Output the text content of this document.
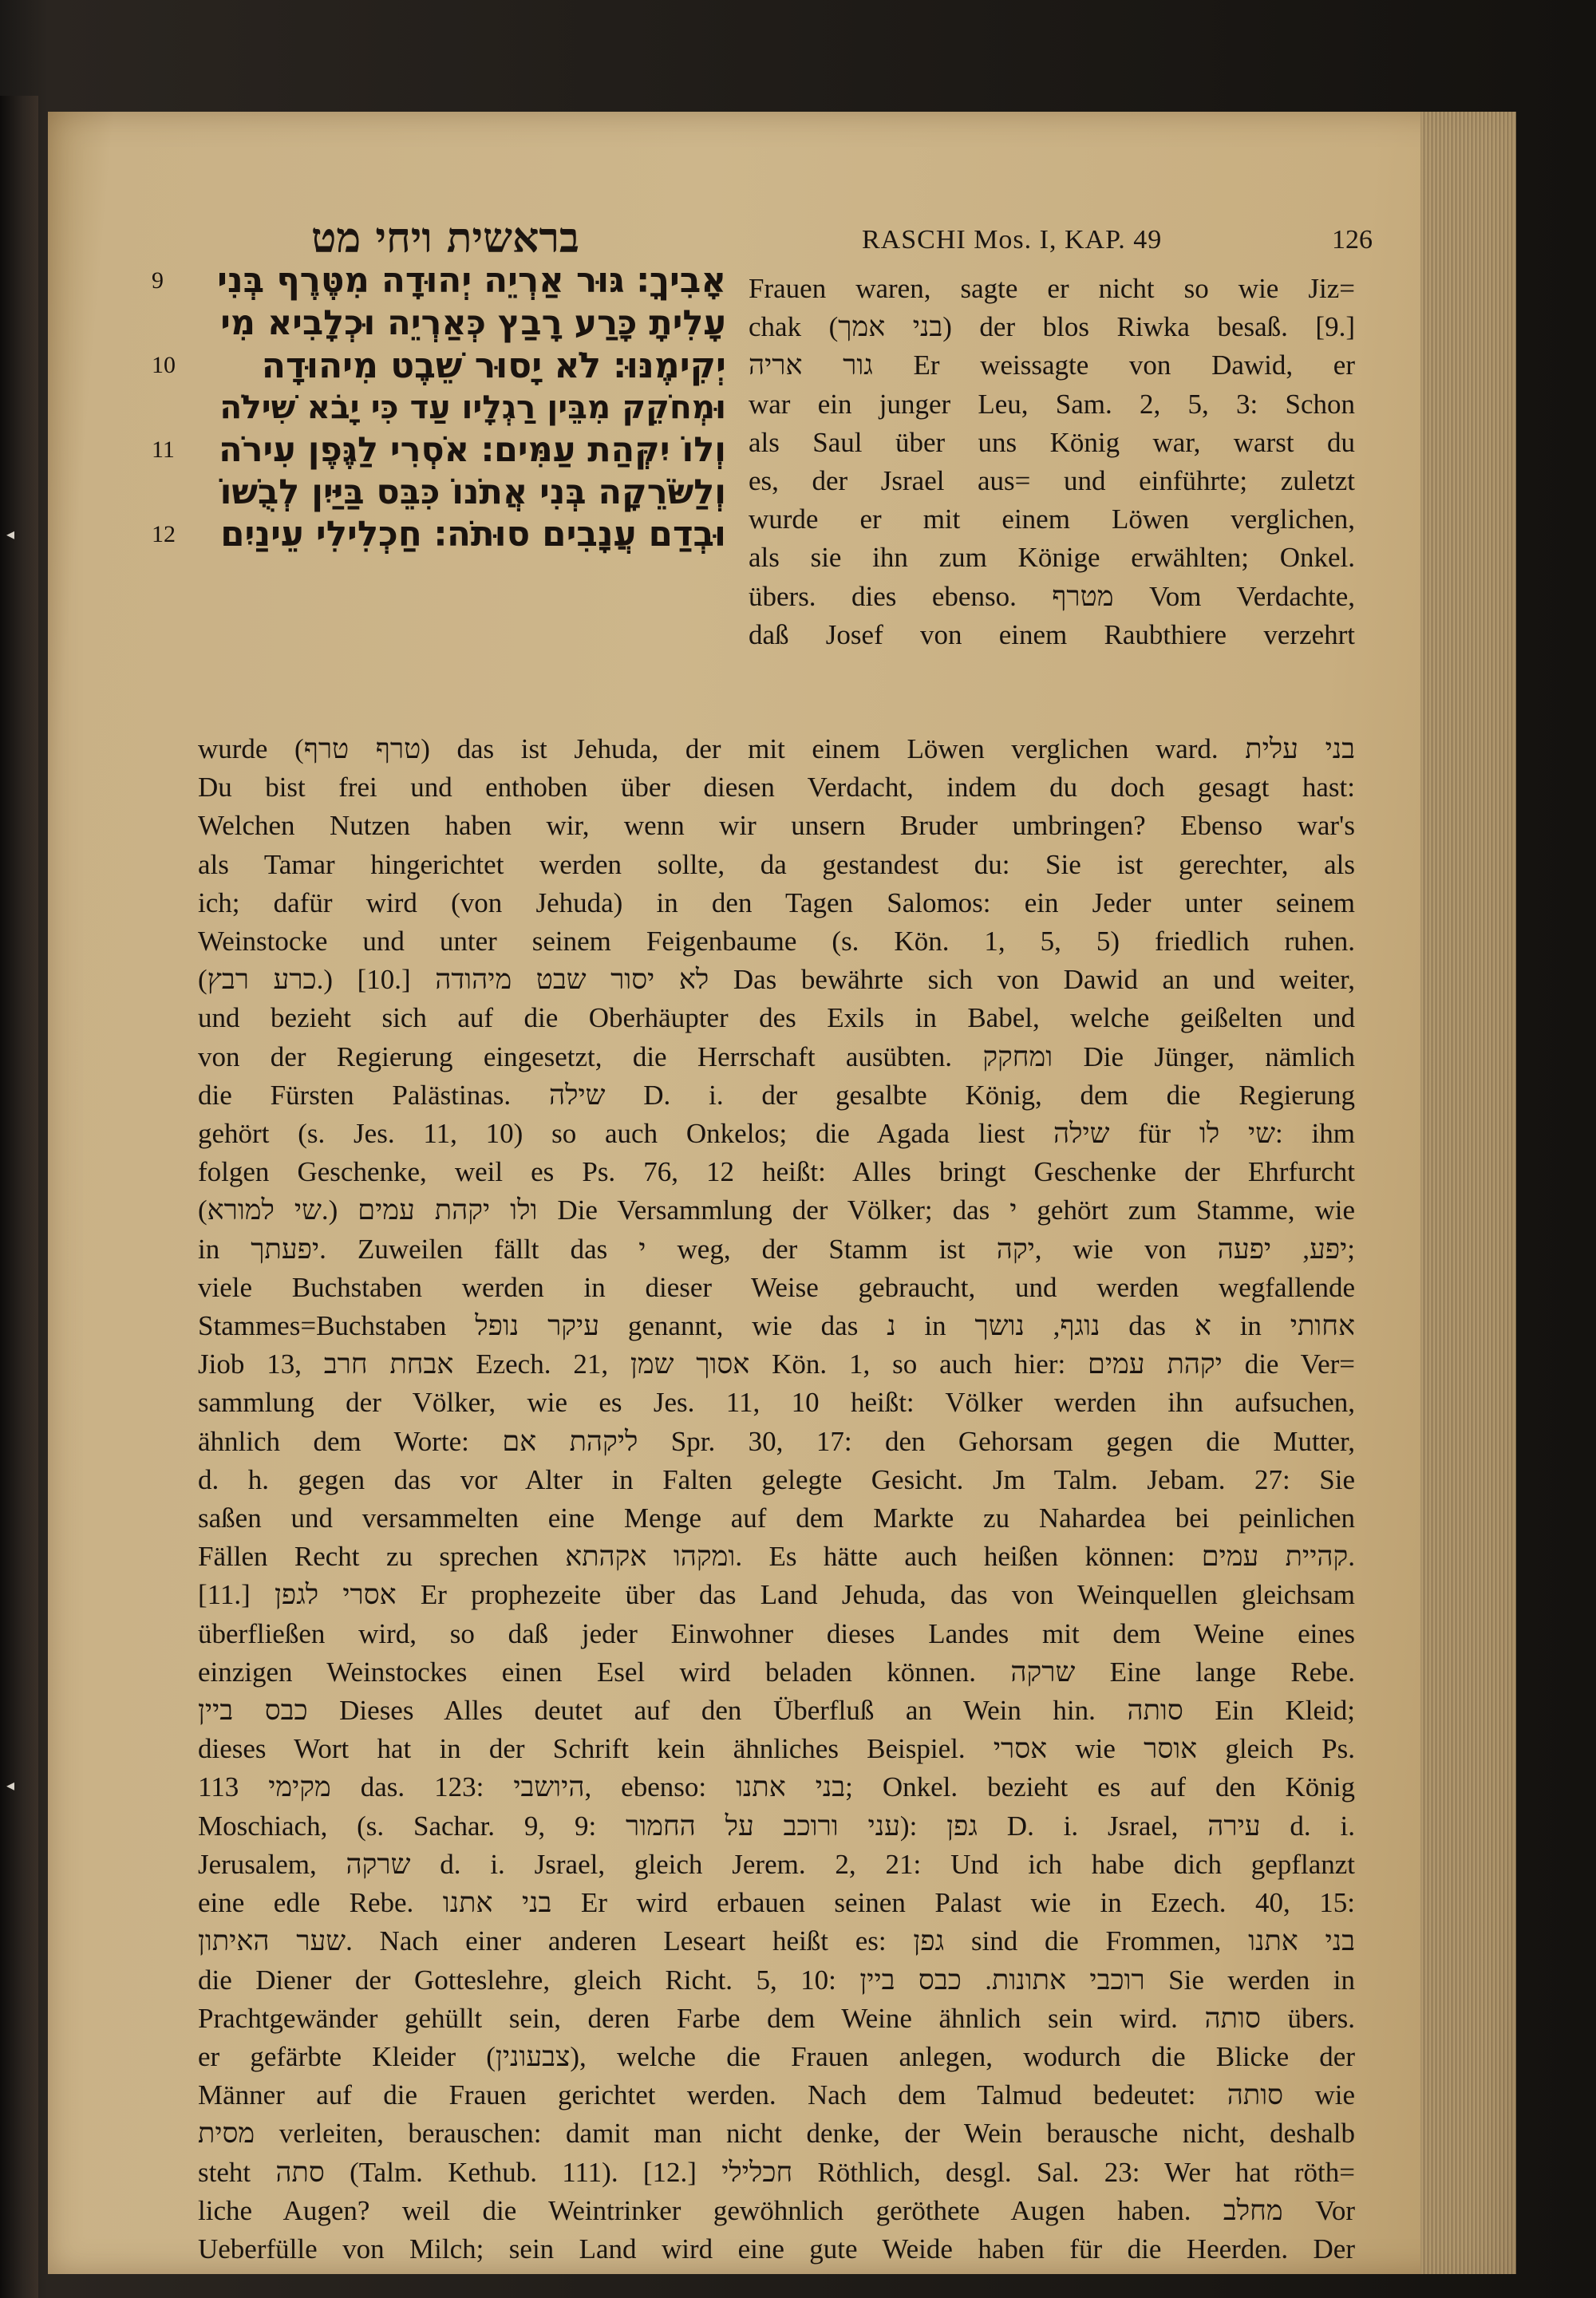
◂
◂
בראשית ויחי מט	RASCHI Mos. I, KAP. 49	126
9	אָבִיךָ׃ גּוּר אַרְיֵה יְהוּדָה מִטֶּרֶף בְּנִי
עָלִיתָ כָּרַע רָבַץ כְּאַרְיֵה וּכְלָבִיא מִי
10	יְקִימֶנּוּ׃ לֹא יָסוּר שֵׁבֶט מִיהוּדָה
וּמְחֹקֵק מִבֵּין רַגְלָיו עַד כִּי יָבֹא שִׁילֹה
11	וְלוֹ יִקְּהַת עַמִּים׃ אֹסְרִי לַגֶּפֶן עִירֹה
וְלַשֹּׂרֵקָה בְּנִי אֲתֹנוֹ כִּבֵּס בַּיַּיִן לְבֻשׁוֹ
12	וּבְדַם עֲנָבִים סוּתֹה׃ חַכְלִילִי עֵינַיִם
Frauen waren, sagte er nicht so wie Jiz=
chak (בני אמך) der blos Riwka besaß. [9.]
גור אריה Er weissagte von Dawid, er
war ein junger Leu, Sam. 2, 5, 3: Schon
als Saul über uns König war, warst du
es, der Jsrael aus= und einführte; zuletzt
wurde er mit einem Löwen verglichen,
als sie ihn zum Könige erwählten; Onkel.
übers. dies ebenso. מטרף Vom Verdachte,
daß Josef von einem Raubthiere verzehrt
wurde (טרף טרף) das ist Jehuda, der mit einem Löwen verglichen ward. בני עלית
Du bist frei und enthoben über diesen Verdacht, indem du doch gesagt hast:
Welchen Nutzen haben wir, wenn wir unsern Bruder umbringen? Ebenso war's
als Tamar hingerichtet werden sollte, da gestandest du: Sie ist gerechter, als
ich; dafür wird (von Jehuda) in den Tagen Salomos: ein Jeder unter seinem
Weinstocke und unter seinem Feigenbaume (s. Kön. 1, 5, 5) friedlich ruhen.
(כרע רבץ.) [10.] לא יסור שבט מיהודה Das bewährte sich von Dawid an und weiter,
und bezieht sich auf die Oberhäupter des Exils in Babel, welche geißelten und
von der Regierung eingesetzt, die Herrschaft ausübten. ומחקק Die Jünger, nämlich
die Fürsten Palästinas. שילה D. i. der gesalbte König, dem die Regierung
gehört (s. Jes. 11, 10) so auch Onkelos; die Agada liest שילה für שי לו: ihm
folgen Geschenke, weil es Ps. 76, 12 heißt: Alles bringt Geschenke der Ehrfurcht
(שי למורא.) ולו יקהת עמים Die Versammlung der Völker; das י gehört zum Stamme, wie
in יפעתך. Zuweilen fällt das י weg, der Stamm ist יקה, wie von יפע, יפעה;
viele Buchstaben werden in dieser Weise gebraucht, und werden wegfallende
Stammes=Buchstaben עיקר נופל genannt, wie das נ in נוגף, נושך das א in אחותי
Jiob 13, אבחת חרב Ezech. 21, אסוך שמן Kön. 1, so auch hier: יקהת עמים die Ver=
sammlung der Völker, wie es Jes. 11, 10 heißt: Völker werden ihn aufsuchen,
ähnlich dem Worte: ליקהת אם Spr. 30, 17: den Gehorsam gegen die Mutter,
d. h. gegen das vor Alter in Falten gelegte Gesicht. Jm Talm. Jebam. 27: Sie
saßen und versammelten eine Menge auf dem Markte zu Nahardea bei peinlichen
Fällen Recht zu sprechen ומקהו אקהתא. Es hätte auch heißen können: קהיית עמים.
[11.] אסרי לגפן Er prophezeite über das Land Jehuda, das von Weinquellen gleichsam
überfließen wird, so daß jeder Einwohner dieses Landes mit dem Weine eines
einzigen Weinstockes einen Esel wird beladen können. שרקה Eine lange Rebe.
כבס ביין Dieses Alles deutet auf den Überfluß an Wein hin. סותה Ein Kleid;
dieses Wort hat in der Schrift kein ähnliches Beispiel. אסרי wie אוסר gleich Ps.
113 מקימי das. 123: היושבי, ebenso: בני אתנו; Onkel. bezieht es auf den König
Moschiach, (s. Sachar. 9, 9: עני ורוכב על החמור): גפן D. i. Jsrael, עירה d. i.
Jerusalem, שרקה d. i. Jsrael, gleich Jerem. 2, 21: Und ich habe dich gepflanzt
eine edle Rebe. בני אתנו Er wird erbauen seinen Palast wie in Ezech. 40, 15:
שער האיתון. Nach einer anderen Leseart heißt es: גפן sind die Frommen, בני אתנו
die Diener der Gotteslehre, gleich Richt. 5, 10: רוכבי אתונות. כבס ביין Sie werden in
Prachtgewänder gehüllt sein, deren Farbe dem Weine ähnlich sein wird. סותה übers.
er gefärbte Kleider (צבעונין), welche die Frauen anlegen, wodurch die Blicke der
Männer auf die Frauen gerichtet werden. Nach dem Talmud bedeutet: סותה wie
מסית verleiten, berauschen: damit man nicht denke, der Wein berausche nicht, deshalb
steht סתה (Talm. Kethub. 111). [12.] חכלילי Röthlich, desgl. Sal. 23: Wer hat röth=
liche Augen? weil die Weintrinker gewöhnlich geröthete Augen haben. מחלב Vor
Ueberfülle von Milch; sein Land wird eine gute Weide haben für die Heerden. Der
